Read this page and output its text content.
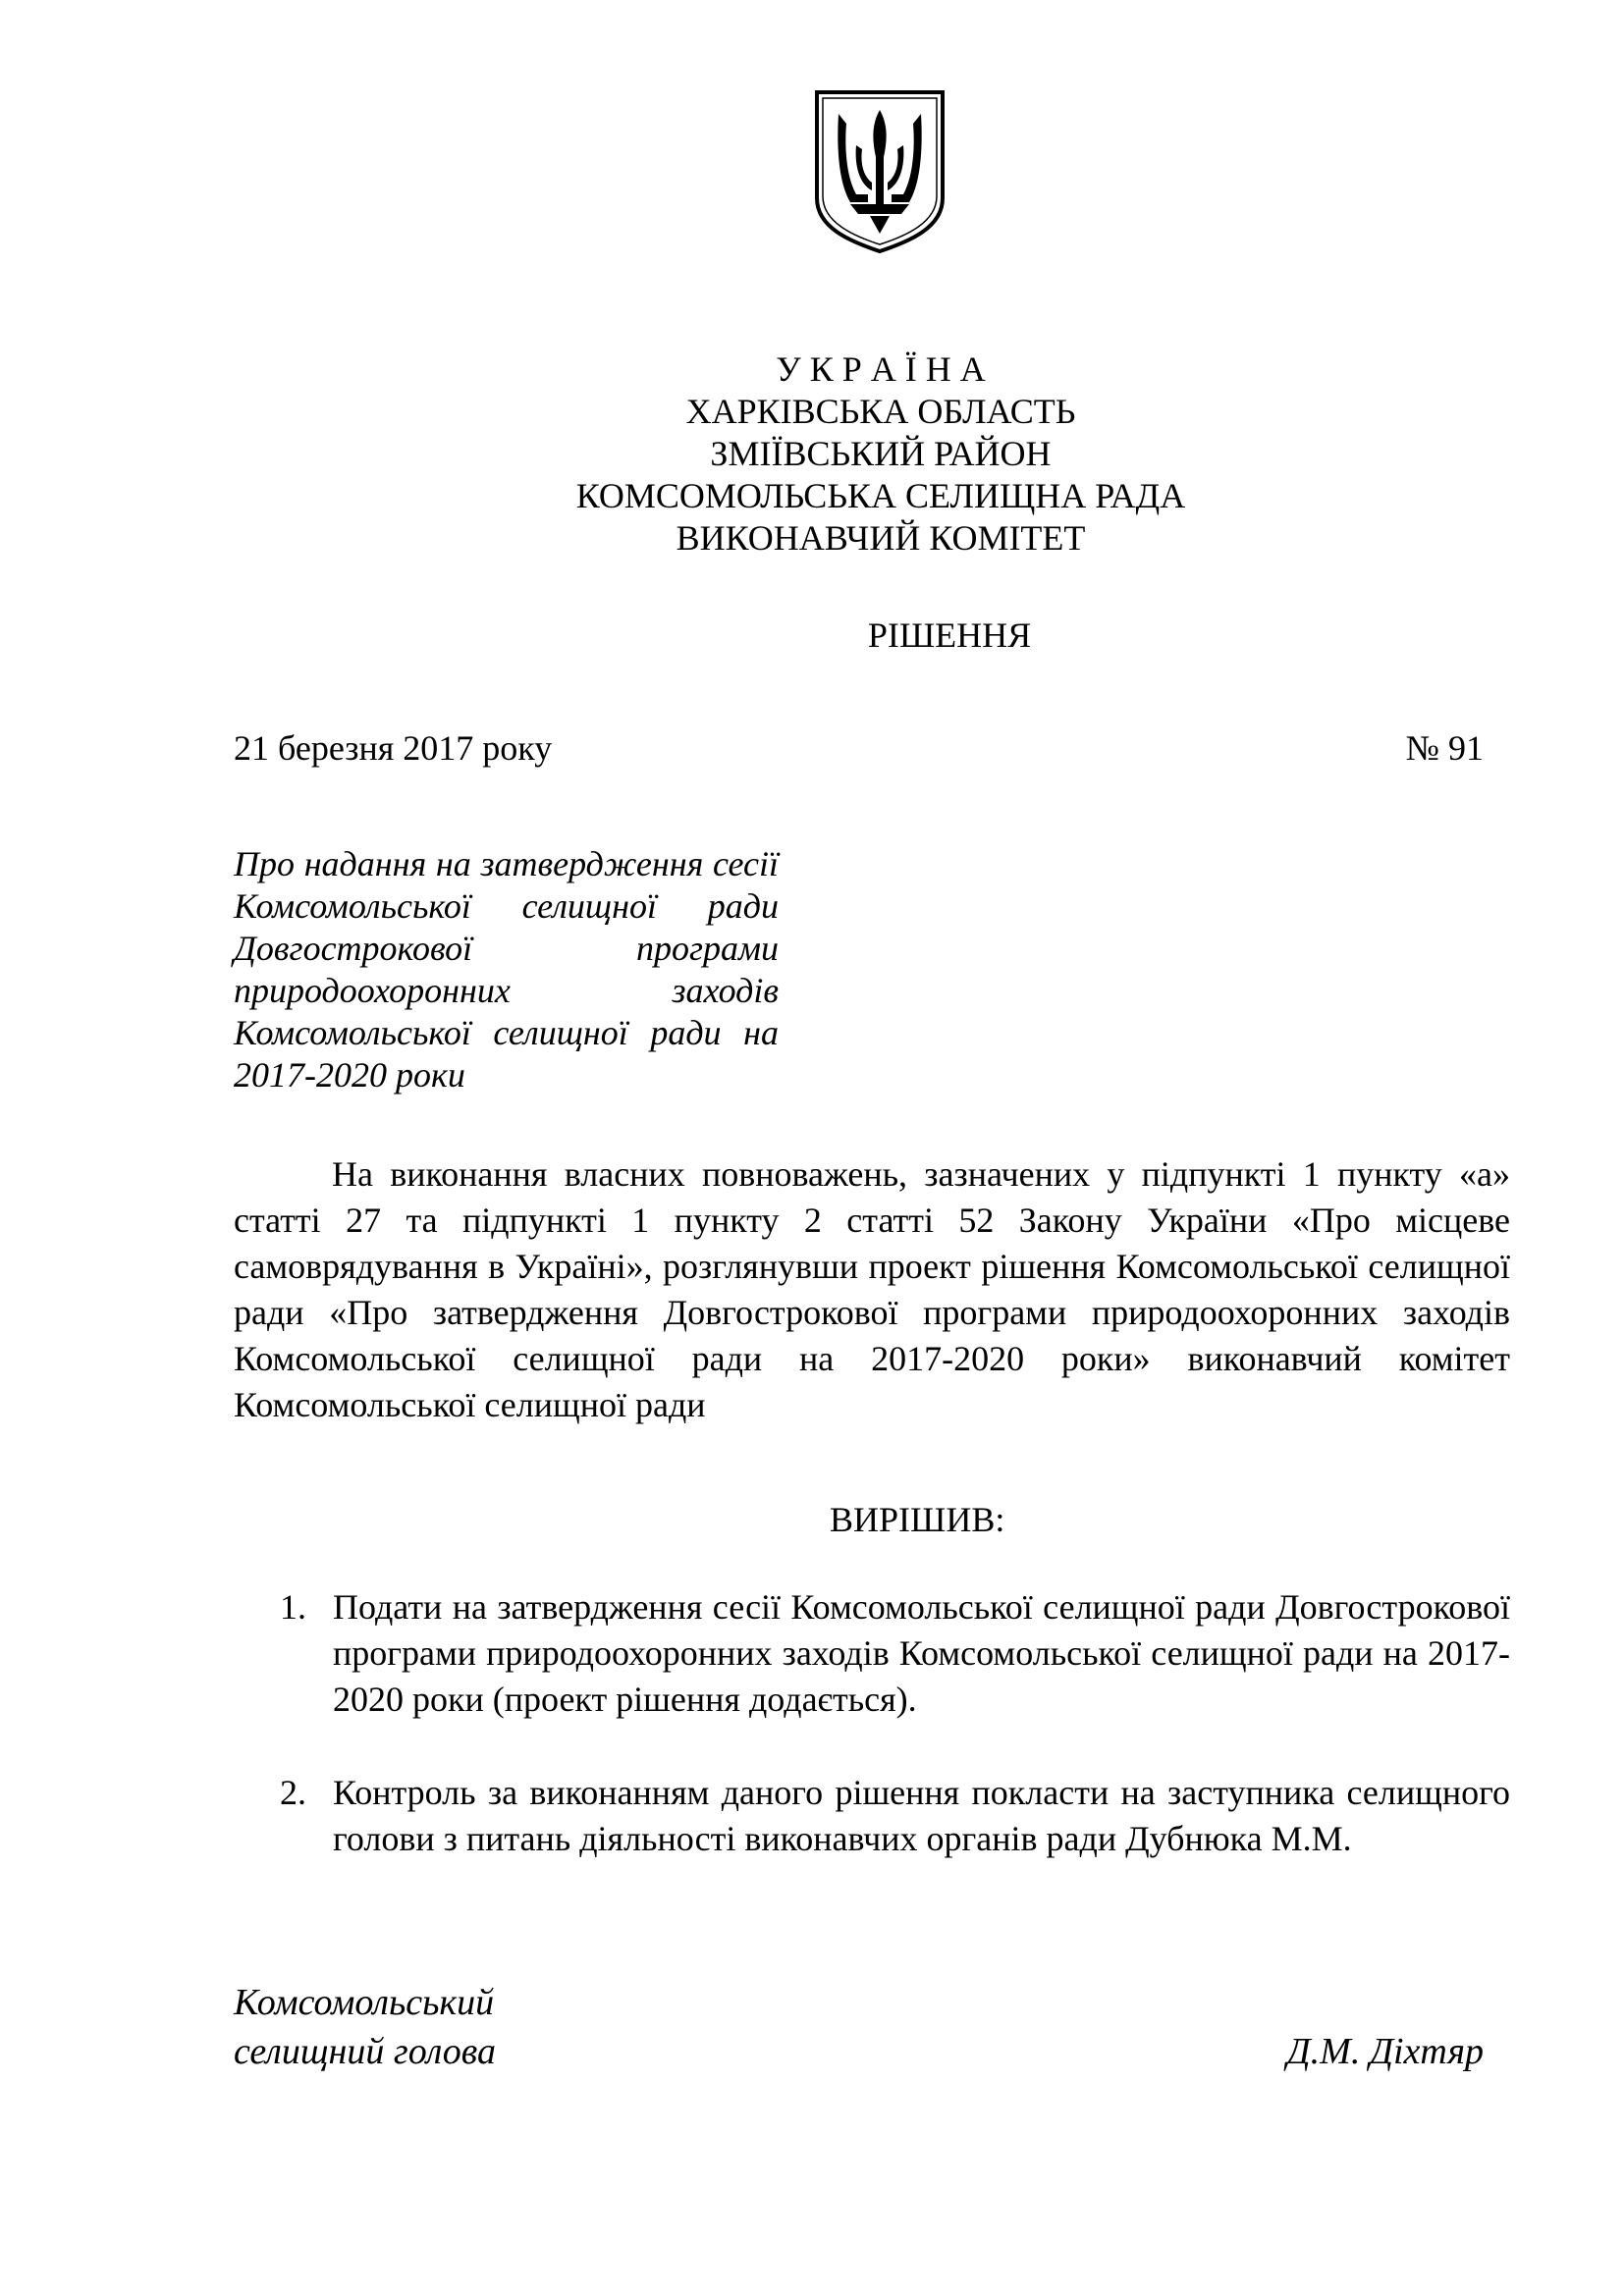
У К Р А Ї Н А
ХАРКІВСЬКА ОБЛАСТЬ
ЗМІЇВСЬКИЙ РАЙОН
КОМСОМОЛЬСЬКА СЕЛИЩНА РАДА
ВИКОНАВЧИЙ КОМІТЕТ
РІШЕННЯ
21 березня 2017 року	№ 91
Про надання на затвердження сесії Комсомольської селищної ради Довгострокової програми природоохоронних заходів Комсомольської селищної ради на 2017-2020 роки
На виконання власних повноважень, зазначених у підпункті 1 пункту «а» статті 27 та підпункті 1 пункту 2 статті 52 Закону України «Про місцеве самоврядування в Україні», розглянувши проект рішення Комсомольської селищної ради «Про затвердження Довгострокової програми природоохоронних заходів Комсомольської селищної ради на 2017-2020 роки» виконавчий комітет Комсомольської селищної ради
ВИРІШИВ:
1. Подати на затвердження сесії Комсомольської селищної ради Довгострокової програми природоохоронних заходів Комсомольської селищної ради на 2017-2020 роки (проект рішення додається).
2. Контроль за виконанням даного рішення покласти на заступника селищного голови з питань діяльності виконавчих органів ради Дубнюка М.М.
Комсомольський
селищний голова	Д.М. Діхтяр
